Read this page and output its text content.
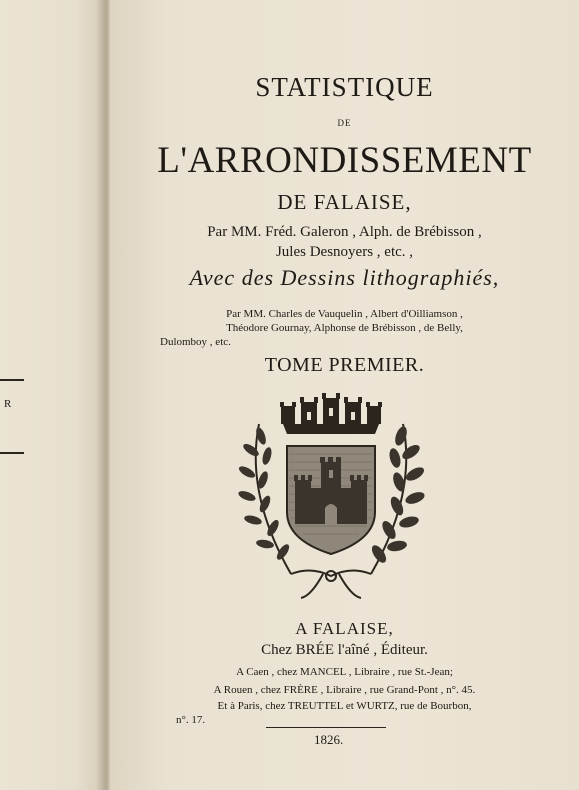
R
STATISTIQUE
DE
L'ARRONDISSEMENT
DE FALAISE,
Par MM. Fréd. Galeron , Alph. de Brébisson ,
Jules Desnoyers , etc. ,
Avec des Dessins lithographiés,
Par MM. Charles de Vauquelin , Albert d'Oilliamson ,
Théodore Gournay, Alphonse de Brébisson , de Belly,
Dulomboy , etc.
TOME PREMIER.
A FALAISE,
Chez BRÉE l'aîné , Éditeur.
A Caen , chez MANCEL , Libraire , rue St.-Jean;
A Rouen , chez FRÈRE , Libraire , rue Grand-Pont , n°. 45.
Et à Paris, chez TREUTTEL et WURTZ, rue de Bourbon,
n°. 17.
1826.
